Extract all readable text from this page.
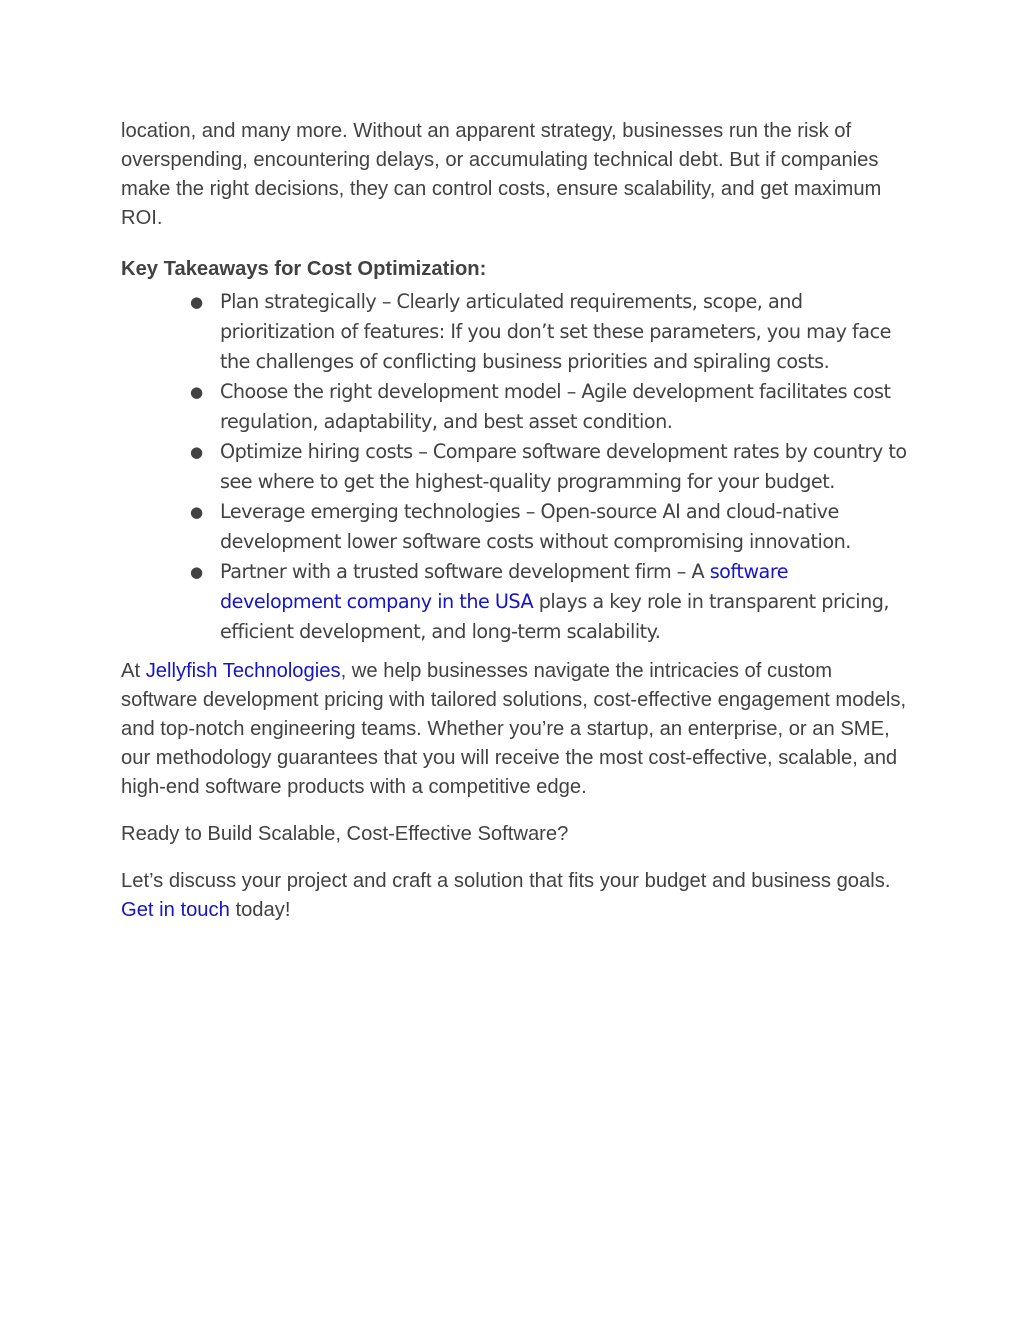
location, and many more. Without an apparent strategy, businesses run the risk of overspending, encountering delays, or accumulating technical debt. But if companies make the right decisions, they can control costs, ensure scalability, and get maximum ROI.

Key Takeaways for Cost Optimization:

● Plan strategically – Clearly articulated requirements, scope, and prioritization of features: If you don’t set these parameters, you may face the challenges of conflicting business priorities and spiraling costs.
● Choose the right development model – Agile development facilitates cost regulation, adaptability, and best asset condition.
● Optimize hiring costs – Compare software development rates by country to see where to get the highest-quality programming for your budget.
● Leverage emerging technologies – Open-source AI and cloud-native development lower software costs without compromising innovation.
● Partner with a trusted software development firm – A software development company in the USA plays a key role in transparent pricing, efficient development, and long-term scalability.

At Jellyfish Technologies, we help businesses navigate the intricacies of custom software development pricing with tailored solutions, cost-effective engagement models, and top-notch engineering teams. Whether you’re a startup, an enterprise, or an SME, our methodology guarantees that you will receive the most cost-effective, scalable, and high-end software products with a competitive edge.

Ready to Build Scalable, Cost-Effective Software?

Let’s discuss your project and craft a solution that fits your budget and business goals. Get in touch today!
